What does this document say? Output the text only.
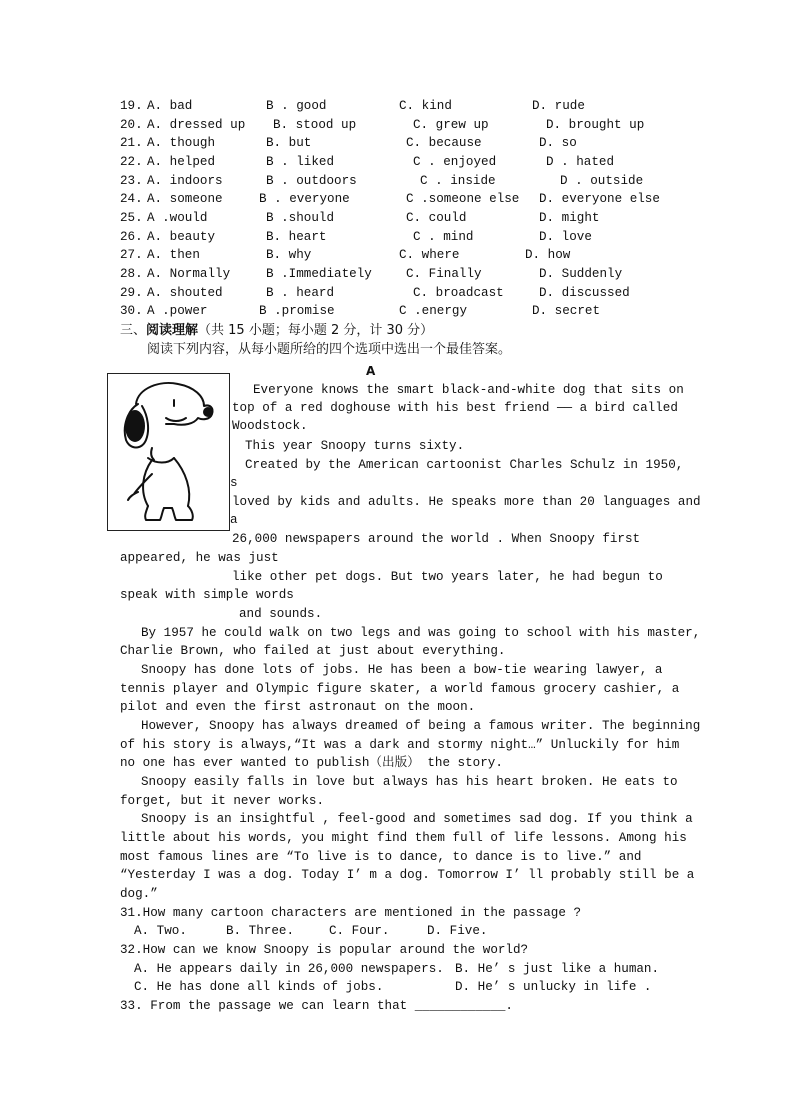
19. A. bad	B . good	C. kind	D. rude
20. A. dressed up B. stood up	C. grew up	D. brought up
21. A. though	B. but	C. because	D. so
22. A. helped	B . liked	C . enjoyed	D . hated
23. A. indoors	B . outdoors	C . inside	D . outside
24. A. someone	B . everyone	C .someone else D. everyone else
25. A .would	B .should	C. could	D. might
26. A. beauty	B. heart	C . mind	D. love
27. A. then	B. why	C. where	D. how
28. A. Normally	B .Immediately	C. Finally	D. Suddenly
29. A. shouted	B . heard	C. broadcast	D. discussed
30. A .power	B .promise	C .energy	D. secret
三、阅读理解（共 15 小题；每小题 2 分，计 30 分）
阅读下列内容，从每小题所给的四个选项中选出一个最佳答案。
A
Everyone knows the smart black-and-white dog that sits on
top of a red doghouse with his best friend —— a bird called
Woodstock.
This year Snoopy turns sixty.
Created by the American cartoonist Charles Schulz in 1950,
s
loved by kids and adults. He speaks more than 20 languages and
a
26,000 newspapers around the world . When Snoopy first
appeared, he was just
like other pet dogs. But two years later, he had begun to
speak with simple words
and sounds.
By 1957 he could walk on two legs and was going to school with his master,
Charlie Brown, who failed at just about everything.
Snoopy has done lots of jobs. He has been a bow-tie wearing lawyer, a
tennis player and Olympic figure skater, a world famous grocery cashier, a
pilot and even the first astronaut on the moon.
However, Snoopy has always dreamed of being a famous writer. The beginning
of his story is always,“It was a dark and stormy night…” Unluckily for him
no one has ever wanted to publish（出版） the story.
Snoopy easily falls in love but always has his heart broken. He eats to
forget, but it never works.
Snoopy is an insightful , feel-good and sometimes sad dog. If you think a
little about his words, you might find them full of life lessons. Among his
most famous lines are “To live is to dance, to dance is to live.” and
“Yesterday I was a dog. Today I’ m a dog. Tomorrow I’ ll probably still be a
dog.”
31.How many cartoon characters are mentioned in the passage ?
A. Two.	B. Three.	C. Four.	D. Five.
32.How can we know Snoopy is popular around the world?
A. He appears daily in 26,000 newspapers. B. He’ s just like a human.
C. He has done all kinds of jobs.	D. He’ s unlucky in life .
33. From the passage we can learn that ____________.
